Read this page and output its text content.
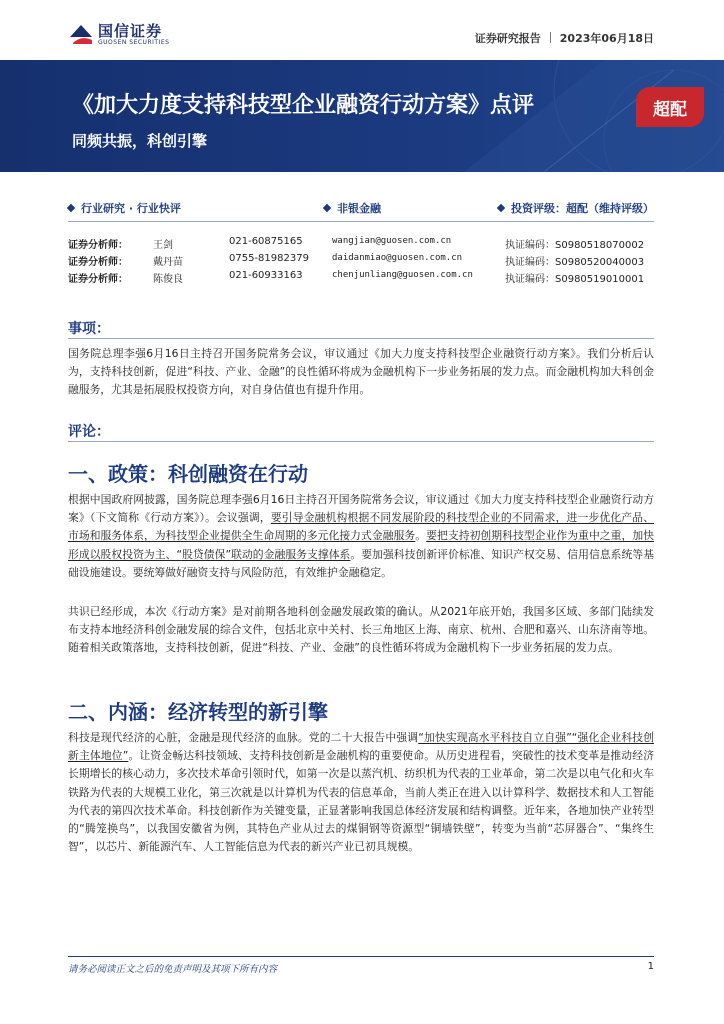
国信证券
GUOSEN SECURITIES	证券研究报告 2023年06月18日
《加大力度支持科技型企业融资行动方案》点评
同频共振，科创引擎
超配
行业研究 · 行业快评	非银金融	投资评级：超配（维持评级）
证券分析师：	王剑	021-60875165	wangjian@guosen.com.cn	执证编码：S0980518070002
证券分析师：	戴丹苗	0755-81982379	daidanmiao@guosen.com.cn	执证编码：S0980520040003
证券分析师：	陈俊良	021-60933163	chenjunliang@guosen.com.cn	执证编码：S0980519010001
事项：
国务院总理李强6月16日主持召开国务院常务会议，审议通过《加大力度支持科技型企业融资行动方案》。我们分析后认为，支持科技创新，促进“科技、产业、金融”的良性循环将成为金融机构下一步业务拓展的发力点。而金融机构加大科创金融服务，尤其是拓展股权投资方向，对自身估值也有提升作用。
评论：
一、政策：科创融资在行动
根据中国政府网披露，国务院总理李强6月16日主持召开国务院常务会议，审议通过《加大力度支持科技型企业融资行动方案》（下文简称《行动方案》）。会议强调，要引导金融机构根据不同发展阶段的科技型企业的不同需求，进一步优化产品、市场和服务体系，为科技型企业提供全生命周期的多元化接力式金融服务。要把支持初创期科技型企业作为重中之重，加快形成以股权投资为主、“股贷债保”联动的金融服务支撑体系。要加强科技创新评价标准、知识产权交易、信用信息系统等基础设施建设。要统筹做好融资支持与风险防范，有效维护金融稳定。
共识已经形成，本次《行动方案》是对前期各地科创金融发展政策的确认。从2021年底开始，我国多区域、多部门陆续发布支持本地经济科创金融发展的综合文件，包括北京中关村、长三角地区上海、南京、杭州、合肥和嘉兴、山东济南等地。随着相关政策落地，支持科技创新，促进“科技、产业、金融”的良性循环将成为金融机构下一步业务拓展的发力点。
二、内涵：经济转型的新引擎
科技是现代经济的心脏，金融是现代经济的血脉。党的二十大报告中强调“加快实现高水平科技自立自强”“强化企业科技创新主体地位”。让资金畅达科技领域、支持科技创新是金融机构的重要使命。从历史进程看，突破性的技术变革是推动经济长期增长的核心动力，多次技术革命引领时代，如第一次是以蒸汽机、纺织机为代表的工业革命，第二次是以电气化和火车铁路为代表的大规模工业化，第三次就是以计算机为代表的信息革命，当前人类正在进入以计算科学、数据技术和人工智能为代表的第四次技术革命。科技创新作为关键变量，正显著影响我国总体经济发展和结构调整。近年来，各地加快产业转型的“腾笼换鸟”，以我国安徽省为例，其特色产业从过去的煤铜钢等资源型“铜墙铁壁”，转变为当前“芯屏器合”、“集终生智”，以芯片、新能源汽车、人工智能信息为代表的新兴产业已初具规模。
请务必阅读正文之后的免责声明及其项下所有内容	1
